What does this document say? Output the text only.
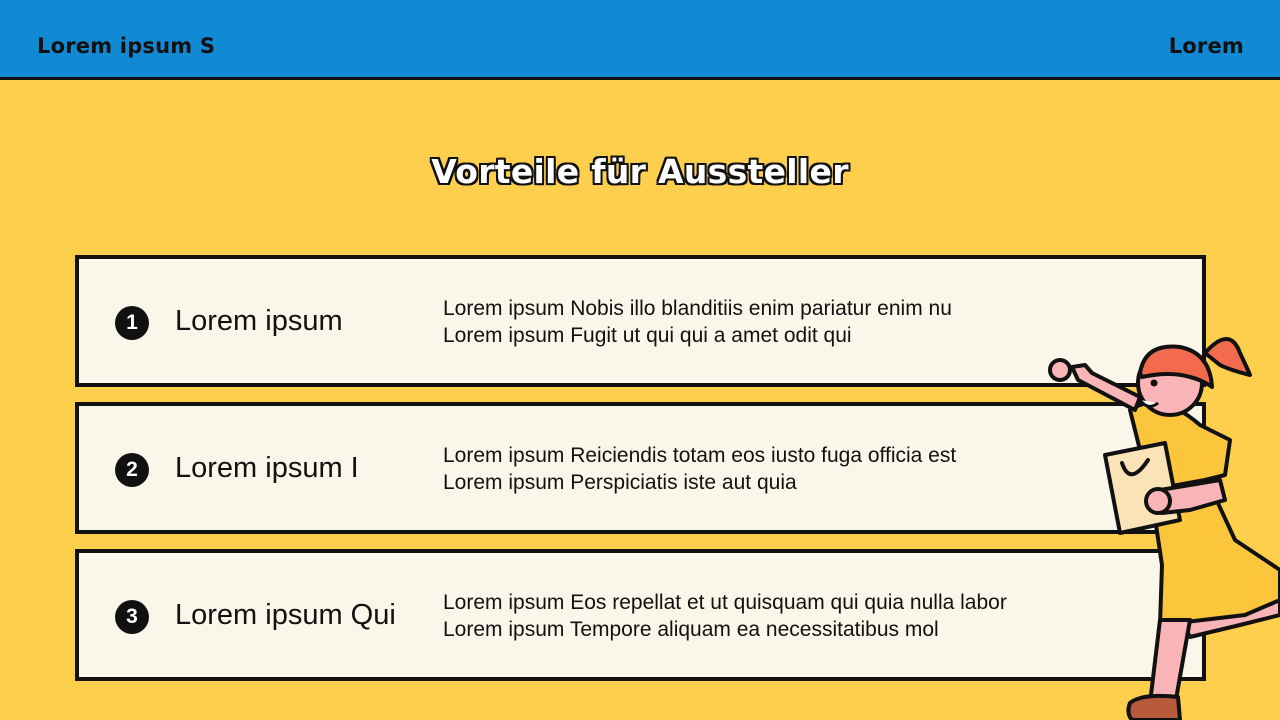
Lorem ipsum S	Lorem
Vorteile für Aussteller
1	Lorem ipsum	Lorem ipsum Nobis illo blanditiis enim pariatur enim nu
Lorem ipsum Fugit ut qui qui a amet odit qui
2	Lorem ipsum I	Lorem ipsum Reiciendis totam eos iusto fuga officia est
Lorem ipsum Perspiciatis iste aut quia
3	Lorem ipsum Qui Lorem ipsum Eos repellat et ut quisquam qui quia nulla labor
Lorem ipsum Tempore aliquam ea necessitatibus mol
